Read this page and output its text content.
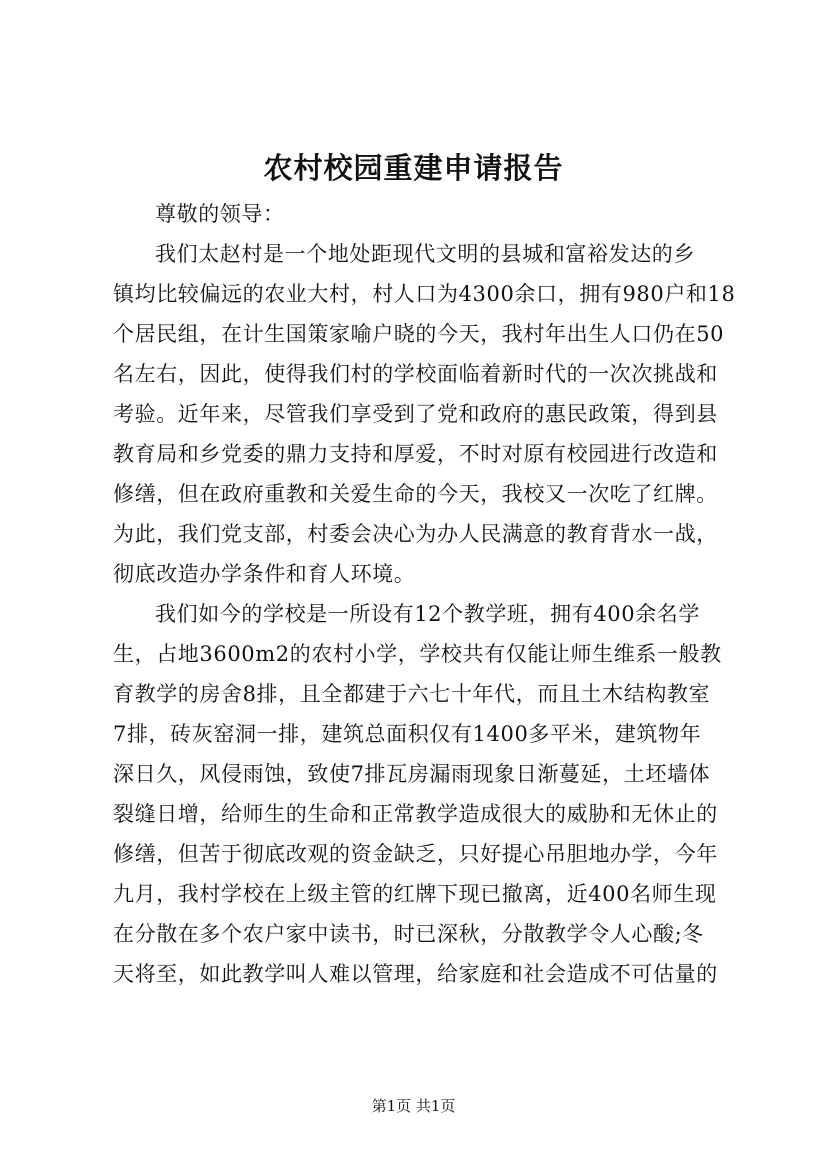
农村校园重建申请报告
尊敬的领导：
我们太赵村是一个地处距现代文明的县城和富裕发达的乡
镇均比较偏远的农业大村，村人口为4300余口，拥有980户和18
个居民组，在计生国策家喻户晓的今天，我村年出生人口仍在50
名左右，因此，使得我们村的学校面临着新时代的一次次挑战和
考验。近年来，尽管我们享受到了党和政府的惠民政策，得到县
教育局和乡党委的鼎力支持和厚爱，不时对原有校园进行改造和
修缮，但在政府重教和关爱生命的今天，我校又一次吃了红牌。
为此，我们党支部，村委会决心为办人民满意的教育背水一战，
彻底改造办学条件和育人环境。
我们如今的学校是一所设有12个教学班，拥有400余名学
生，占地3600m2的农村小学，学校共有仅能让师生维系一般教
育教学的房舍8排，且全都建于六七十年代，而且土木结构教室
7排，砖灰窑洞一排，建筑总面积仅有1400多平米，建筑物年
深日久，风侵雨蚀，致使7排瓦房漏雨现象日渐蔓延，土坯墙体
裂缝日增，给师生的生命和正常教学造成很大的威胁和无休止的
修缮，但苦于彻底改观的资金缺乏，只好提心吊胆地办学，今年
九月，我村学校在上级主管的红牌下现已撤离，近400名师生现
在分散在多个农户家中读书，时已深秋，分散教学令人心酸;冬
天将至，如此教学叫人难以管理，给家庭和社会造成不可估量的
第1页 共1页
